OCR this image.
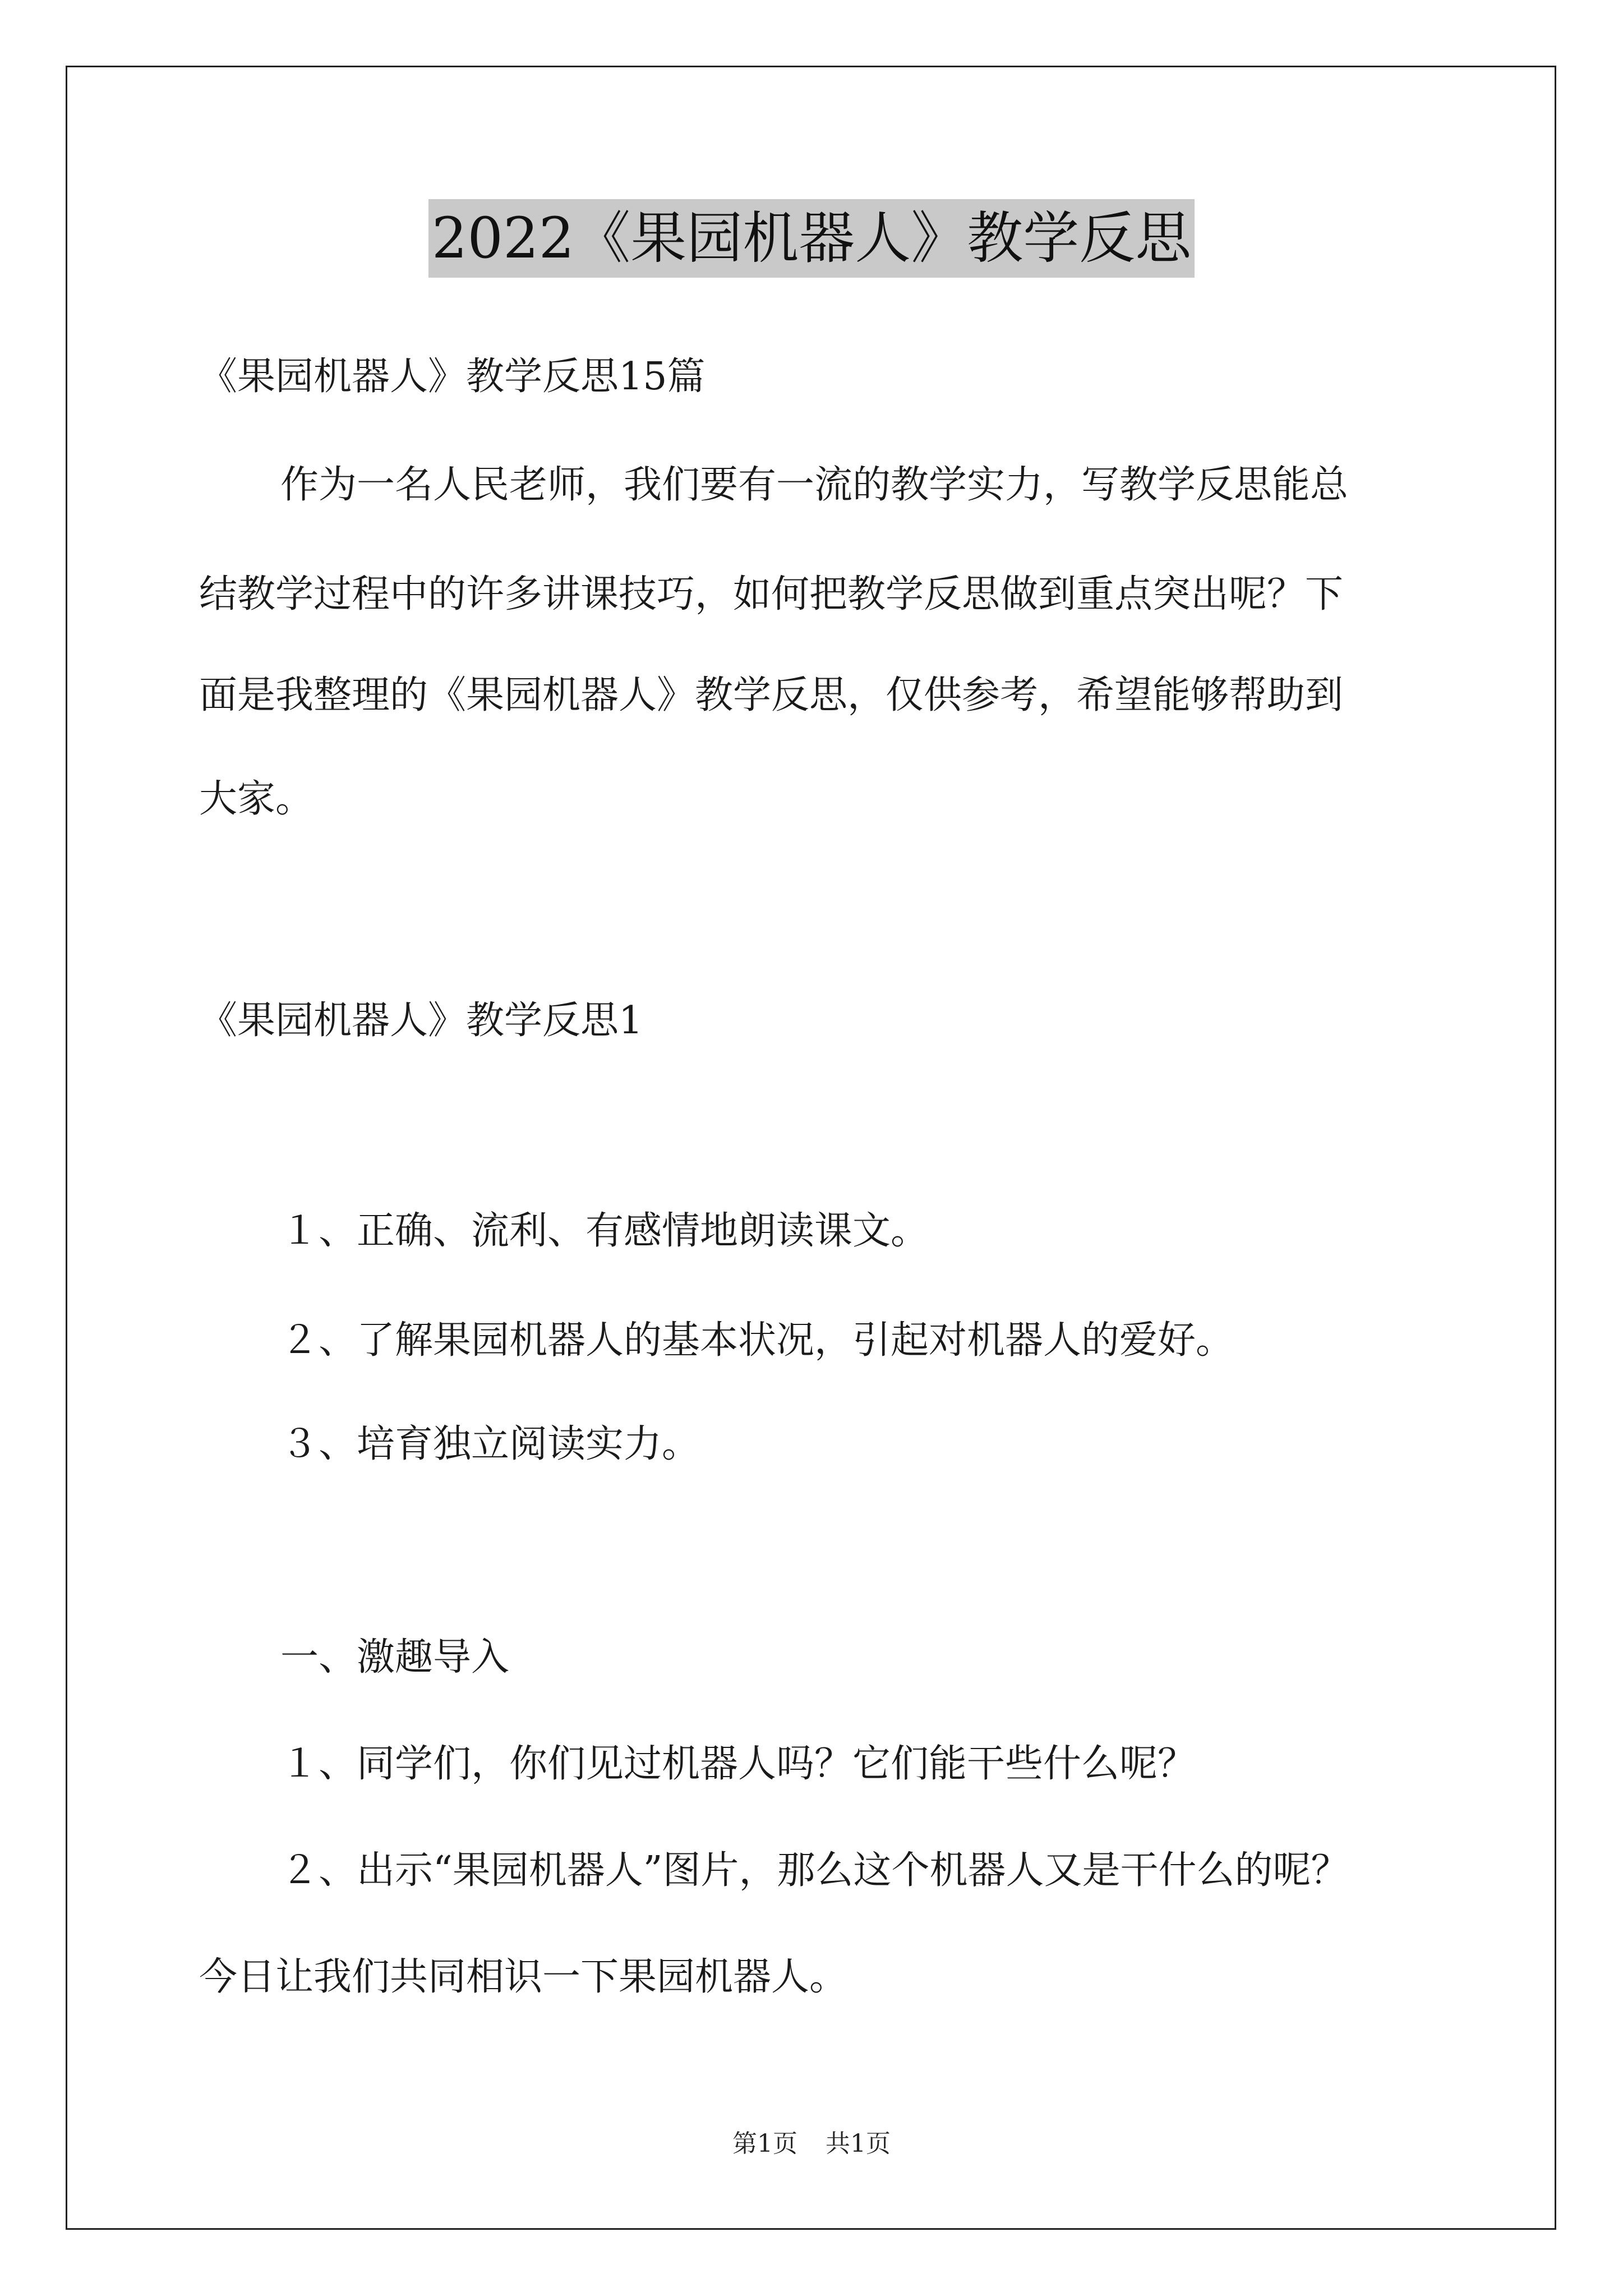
2022《果园机器人》教学反思
《果园机器人》教学反思15篇
作为一名人民老师，我们要有一流的教学实力，写教学反思能总
结教学过程中的许多讲课技巧，如何把教学反思做到重点突出呢？下
面是我整理的《果园机器人》教学反思，仅供参考，希望能够帮助到
大家。
《果园机器人》教学反思1
１、正确、流利、有感情地朗读课文。
２、了解果园机器人的基本状况，引起对机器人的爱好。
３、培育独立阅读实力。
一、激趣导入
１、同学们，你们见过机器人吗？它们能干些什么呢？
２、出示“果园机器人”图片，那么这个机器人又是干什么的呢？
今日让我们共同相识一下果园机器人。
第1页 共1页
